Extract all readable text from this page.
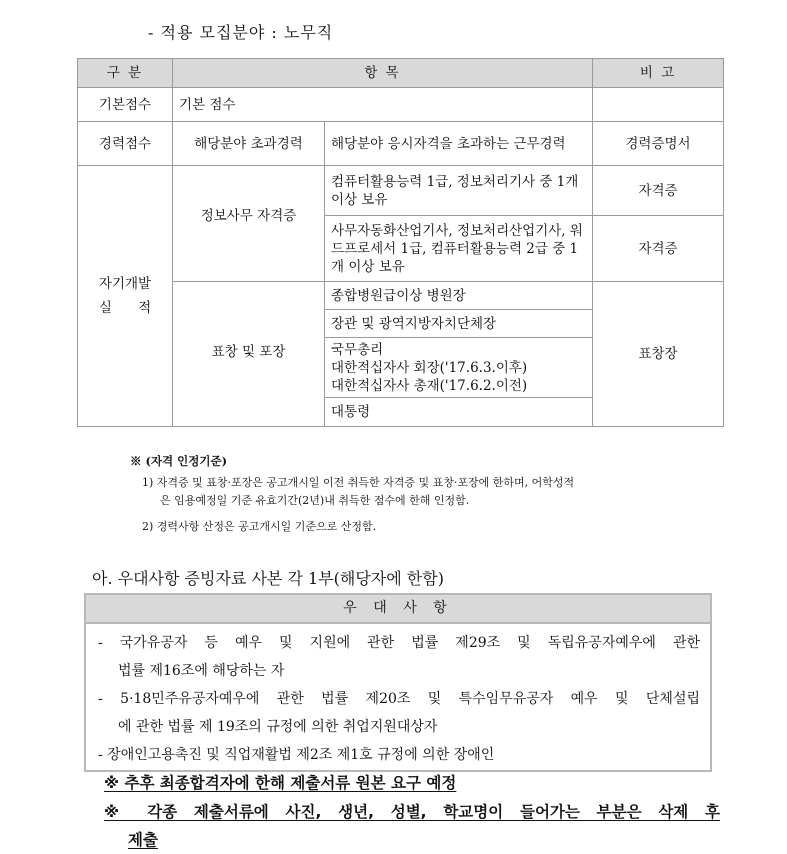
- 적용 모집분야 : 노무직
구 분	항 목		비 고
기본점수	기본 점수		
경력점수	해당분야 초과경력	해당분야 응시자격을 초과하는 근무경력	경력증명서

자기개발
실 적	정보사무 자격증	컴퓨터활용능력 1급, 정보처리기사 중 1개 이상 보유	자격증
		사무자동화산업기사, 정보처리산업기사, 워드프로세서 1급, 컴퓨터활용능력 2급 중 1개 이상 보유	자격증
	표창 및 포장	종합병원급이상 병원장	표창장
		장관 및 광역지방자치단체장	

		국무총리
대한적십자사 회장('17.6.3.이후)
대한적십자사 총재('17.6.2.이전)	

		대통령	
※ (자격 인정기준)
1) 자격증 및 표창·포장은 공고개시일 이전 취득한 자격증 및 표창·포장에 한하며, 어학성적
은 임용예정일 기준 유효기간(2년)내 취득한 점수에 한해 인정함.
2) 경력사항 산정은 공고개시일 기준으로 산정함.
아. 우대사항 증빙자료 사본 각 1부(해당자에 한함)
우 대 사 항
- 국가유공자 등 예우 및 지원에 관한 법률 제29조 및 독립유공자예우에 관한
법률 제16조에 해당하는 자
- 5·18민주유공자예우에 관한 법률 제20조 및 특수임무유공자 예우 및 단체설립
에 관한 법률 제 19조의 규정에 의한 취업지원대상자
- 장애인고용촉진 및 직업재활법 제2조 제1호 규정에 의한 장애인
※ 추후 최종합격자에 한해 제출서류 원본 요구 예정
※ 각종 제출서류에 사진, 생년, 성별, 학교명이 들어가는 부분은 삭제 후
제출
